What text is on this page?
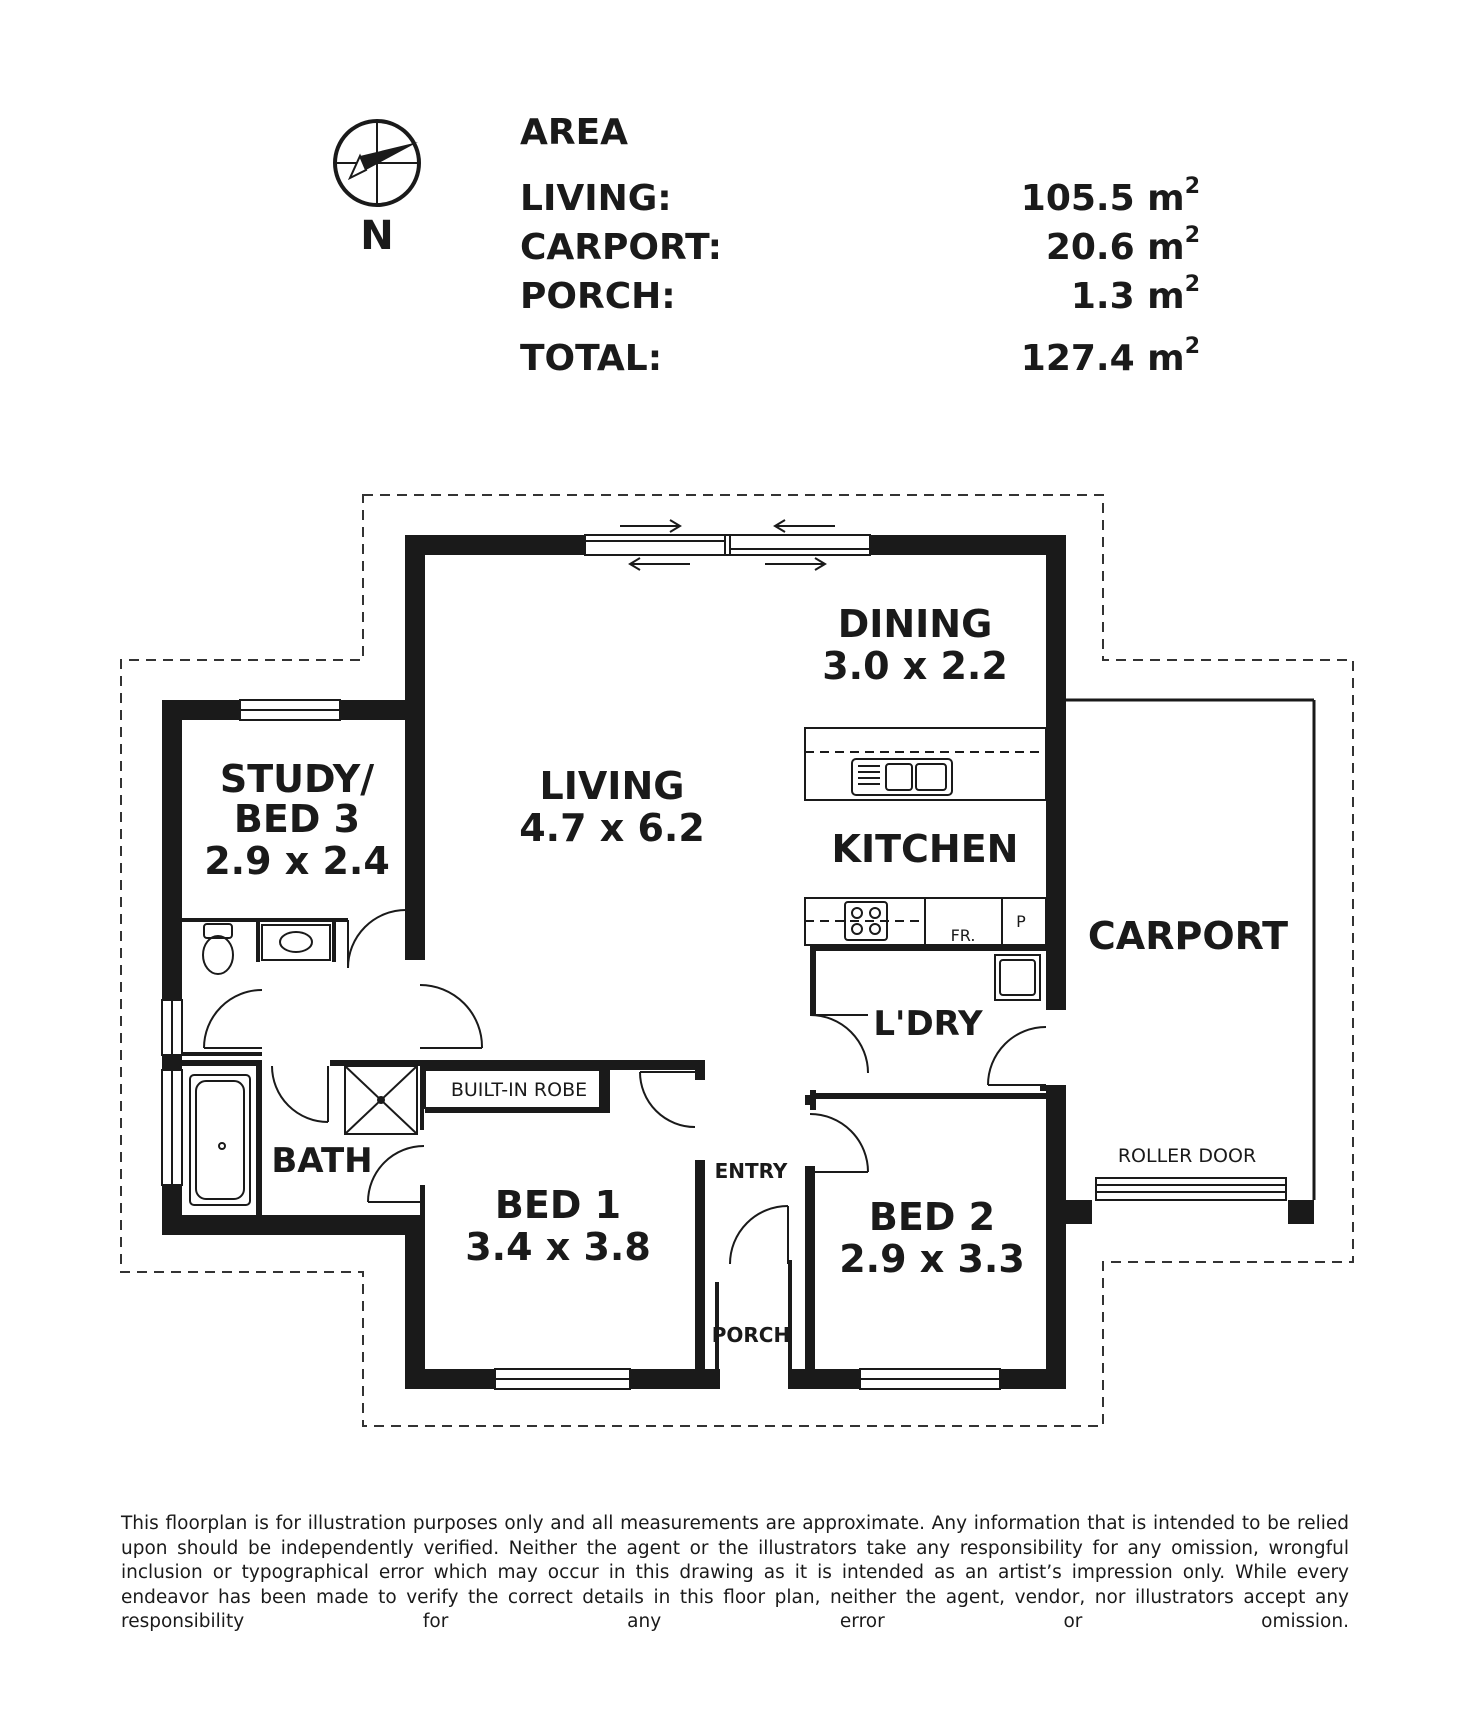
AREA
LIVING:	105.5 $m^2$
CARPORT:	20.6 $m^2$
PORCH:	1.3 $m^2$
TOTAL:	127.4 $m^2$
N
FR.
P
BUILT-IN ROBE
DINING
3.0 x 2.2
LIVING
4.7 x 6.2
STUDY/
BED 3
2.9 x 2.4	KITCHEN
CARPORT
L'DRY
BATH
BED 1
3.4 x 3.8
BED 2
2.9 x 3.3
ENTRY
PORCH
ROLLER DOOR
This floorplan is for illustration purposes only and all measurements are approximate. Any information that is intended to be relied upon should be independently verified. Neither the agent or the illustrators take any responsibility for any omission, wrongful inclusion or typographical error which may occur in this drawing as it is intended as an artist’s impression only. While every endeavor has been made to verify the correct details in this floor plan, neither the agent, vendor, nor illustrators accept any responsibility for any error or omission.
